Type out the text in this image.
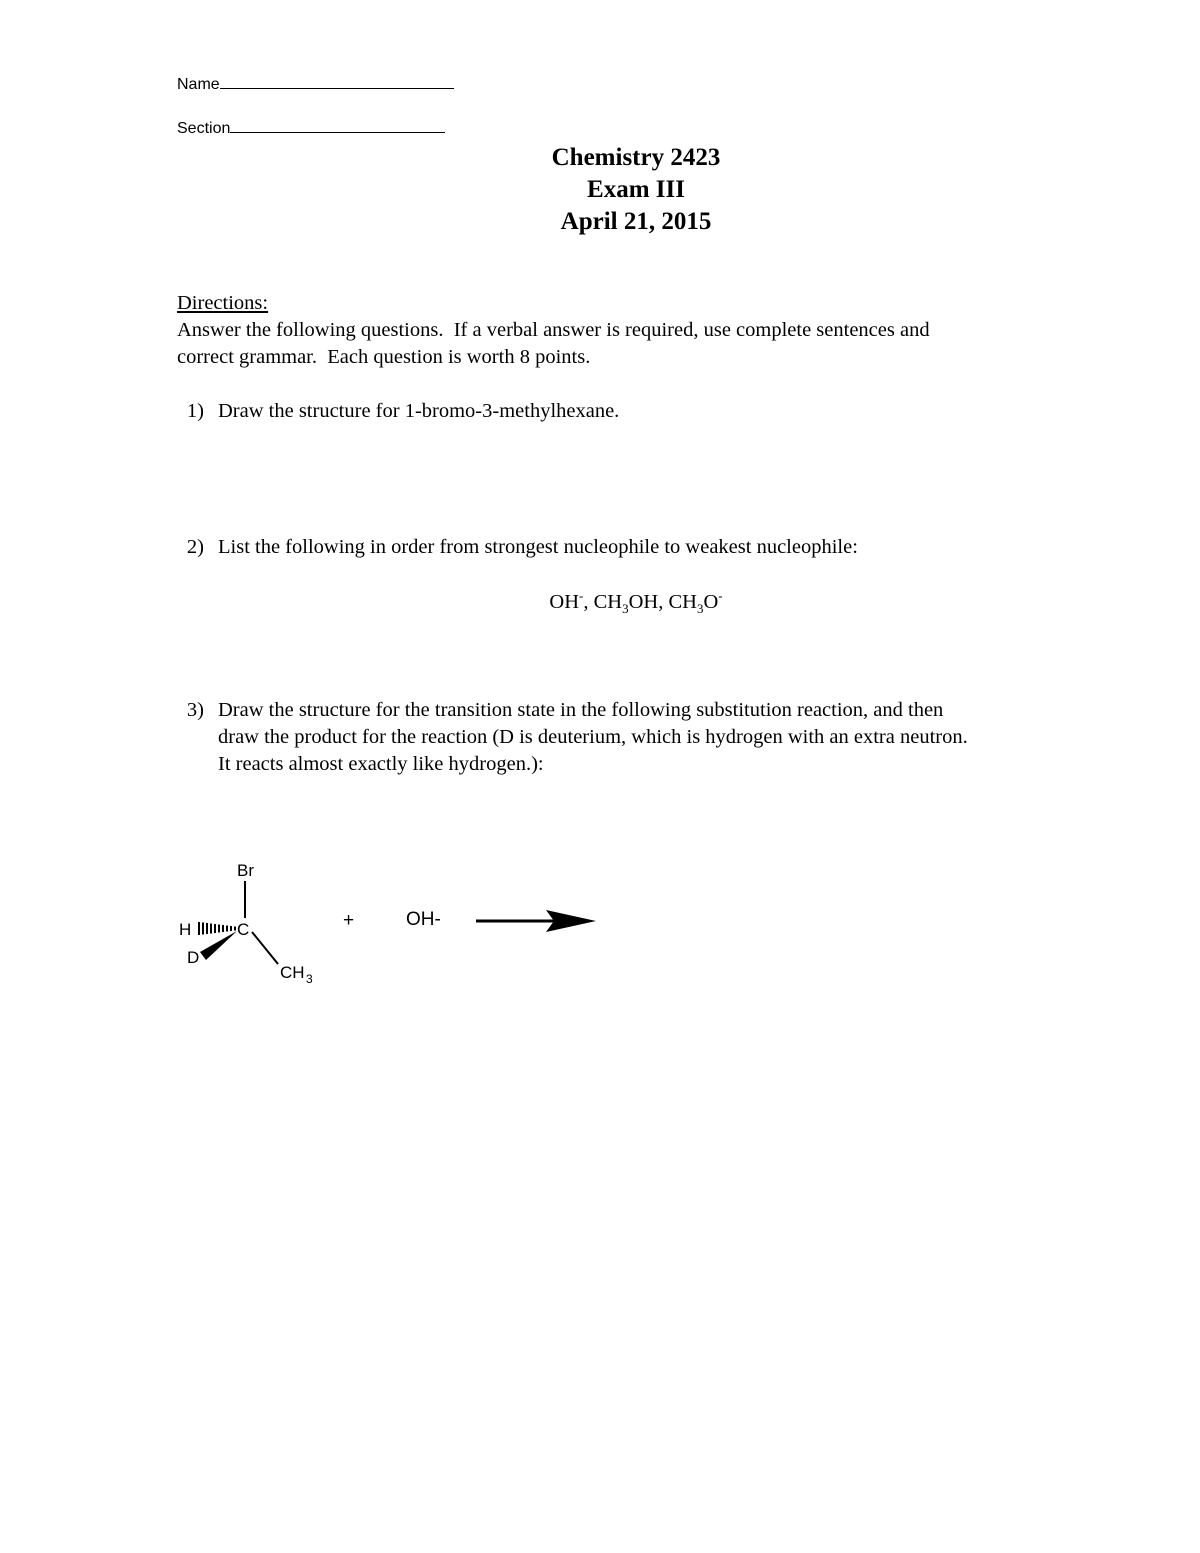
Name
Section
Chemistry 2423
Exam III
April 21, 2015
Directions:
Answer the following questions.  If a verbal answer is required, use complete sentences and
correct grammar.  Each question is worth 8 points.
1) Draw the structure for 1-bromo-3-methylhexane.
2) List the following in order from strongest nucleophile to weakest nucleophile:
OH-, $CH_3OH$, $CH_3O^-$
3) Draw the structure for the transition state in the following substitution reaction, and then
draw the product for the reaction (D is deuterium, which is hydrogen with an extra neutron.
It reacts almost exactly like hydrogen.):
Br
H	C
D
CH 3
+	OH-
